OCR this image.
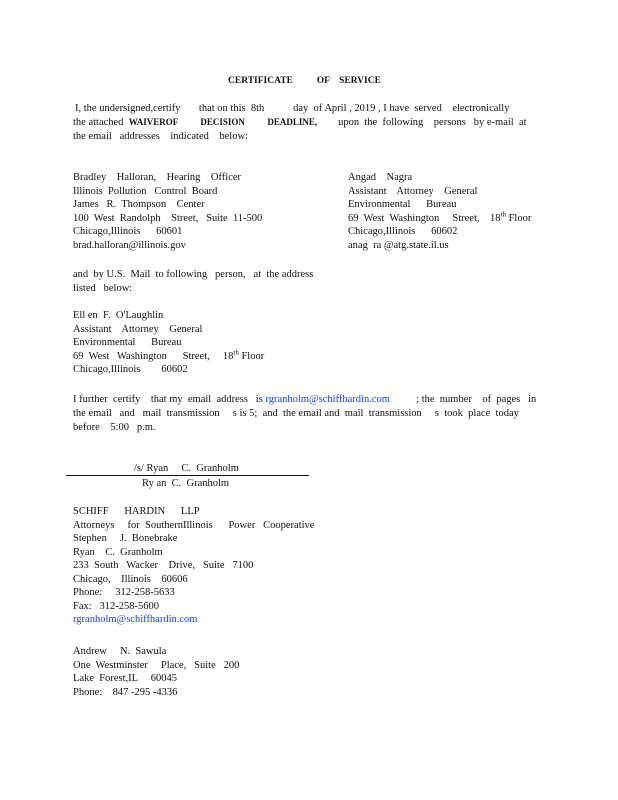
CERTIFICATE          OF    SERVICE
I, the undersigned,certify       that on this  8th           day  of April , 2019 , I have  served    electronically
the attached  WAIVEROF          DECISION          DEADLINE,        upon  the  following    persons   by e-mail  at
the email   addresses    indicated    below:
Bradley    Halloran,    Hearing    Officer
Illinois  Pollution   Control  Board
James   R.  Thompson    Center
100  West  Randolph    Street,   Suite  11-500
Chicago,Illinois      60601
brad.halloran@illinois.gov
Angad    Nagra
Assistant    Attorney    General
Environmental      Bureau
69  West  Washington     Street,    18th Floor
Chicago,Illinois      60602
anag  ra @atg.state.il.us
and  by U.S.  Mail  to following   person,   at  the address
listed   below:
Ell en  F.  O'Laughlin
Assistant    Attorney    General
Environmental      Bureau
69  West   Washington      Street,     18th Floor
Chicago,Illinois        60602
I further  certify    that my  email  address   is rgranholm@schiffhardin.com          ; the  number    of  pages   in
the email   and   mail  transmission     s is 5;  and  the email and  mail  transmission     s  took  place  today
before    5:00   p.m.
/s/ Ryan     C.  Granholm
Ry an  C.  Granholm
SCHIFF      HARDIN      LLP
Attorneys     for  SouthernIllinois      Power   Cooperative
Stephen     J.  Bonebrake
Ryan    C.  Granholm
233  South   Wacker    Drive,   Suite   7100
Chicago,    Illinois    60606
Phone:     312-258-5633
Fax:   312-258-5600
rgranholm@schiffhardin.com
Andrew     N.  Sawula
One  Westminster     Place,   Suite   200
Lake  Forest,IL     60045
Phone:    847 -295 -4336
